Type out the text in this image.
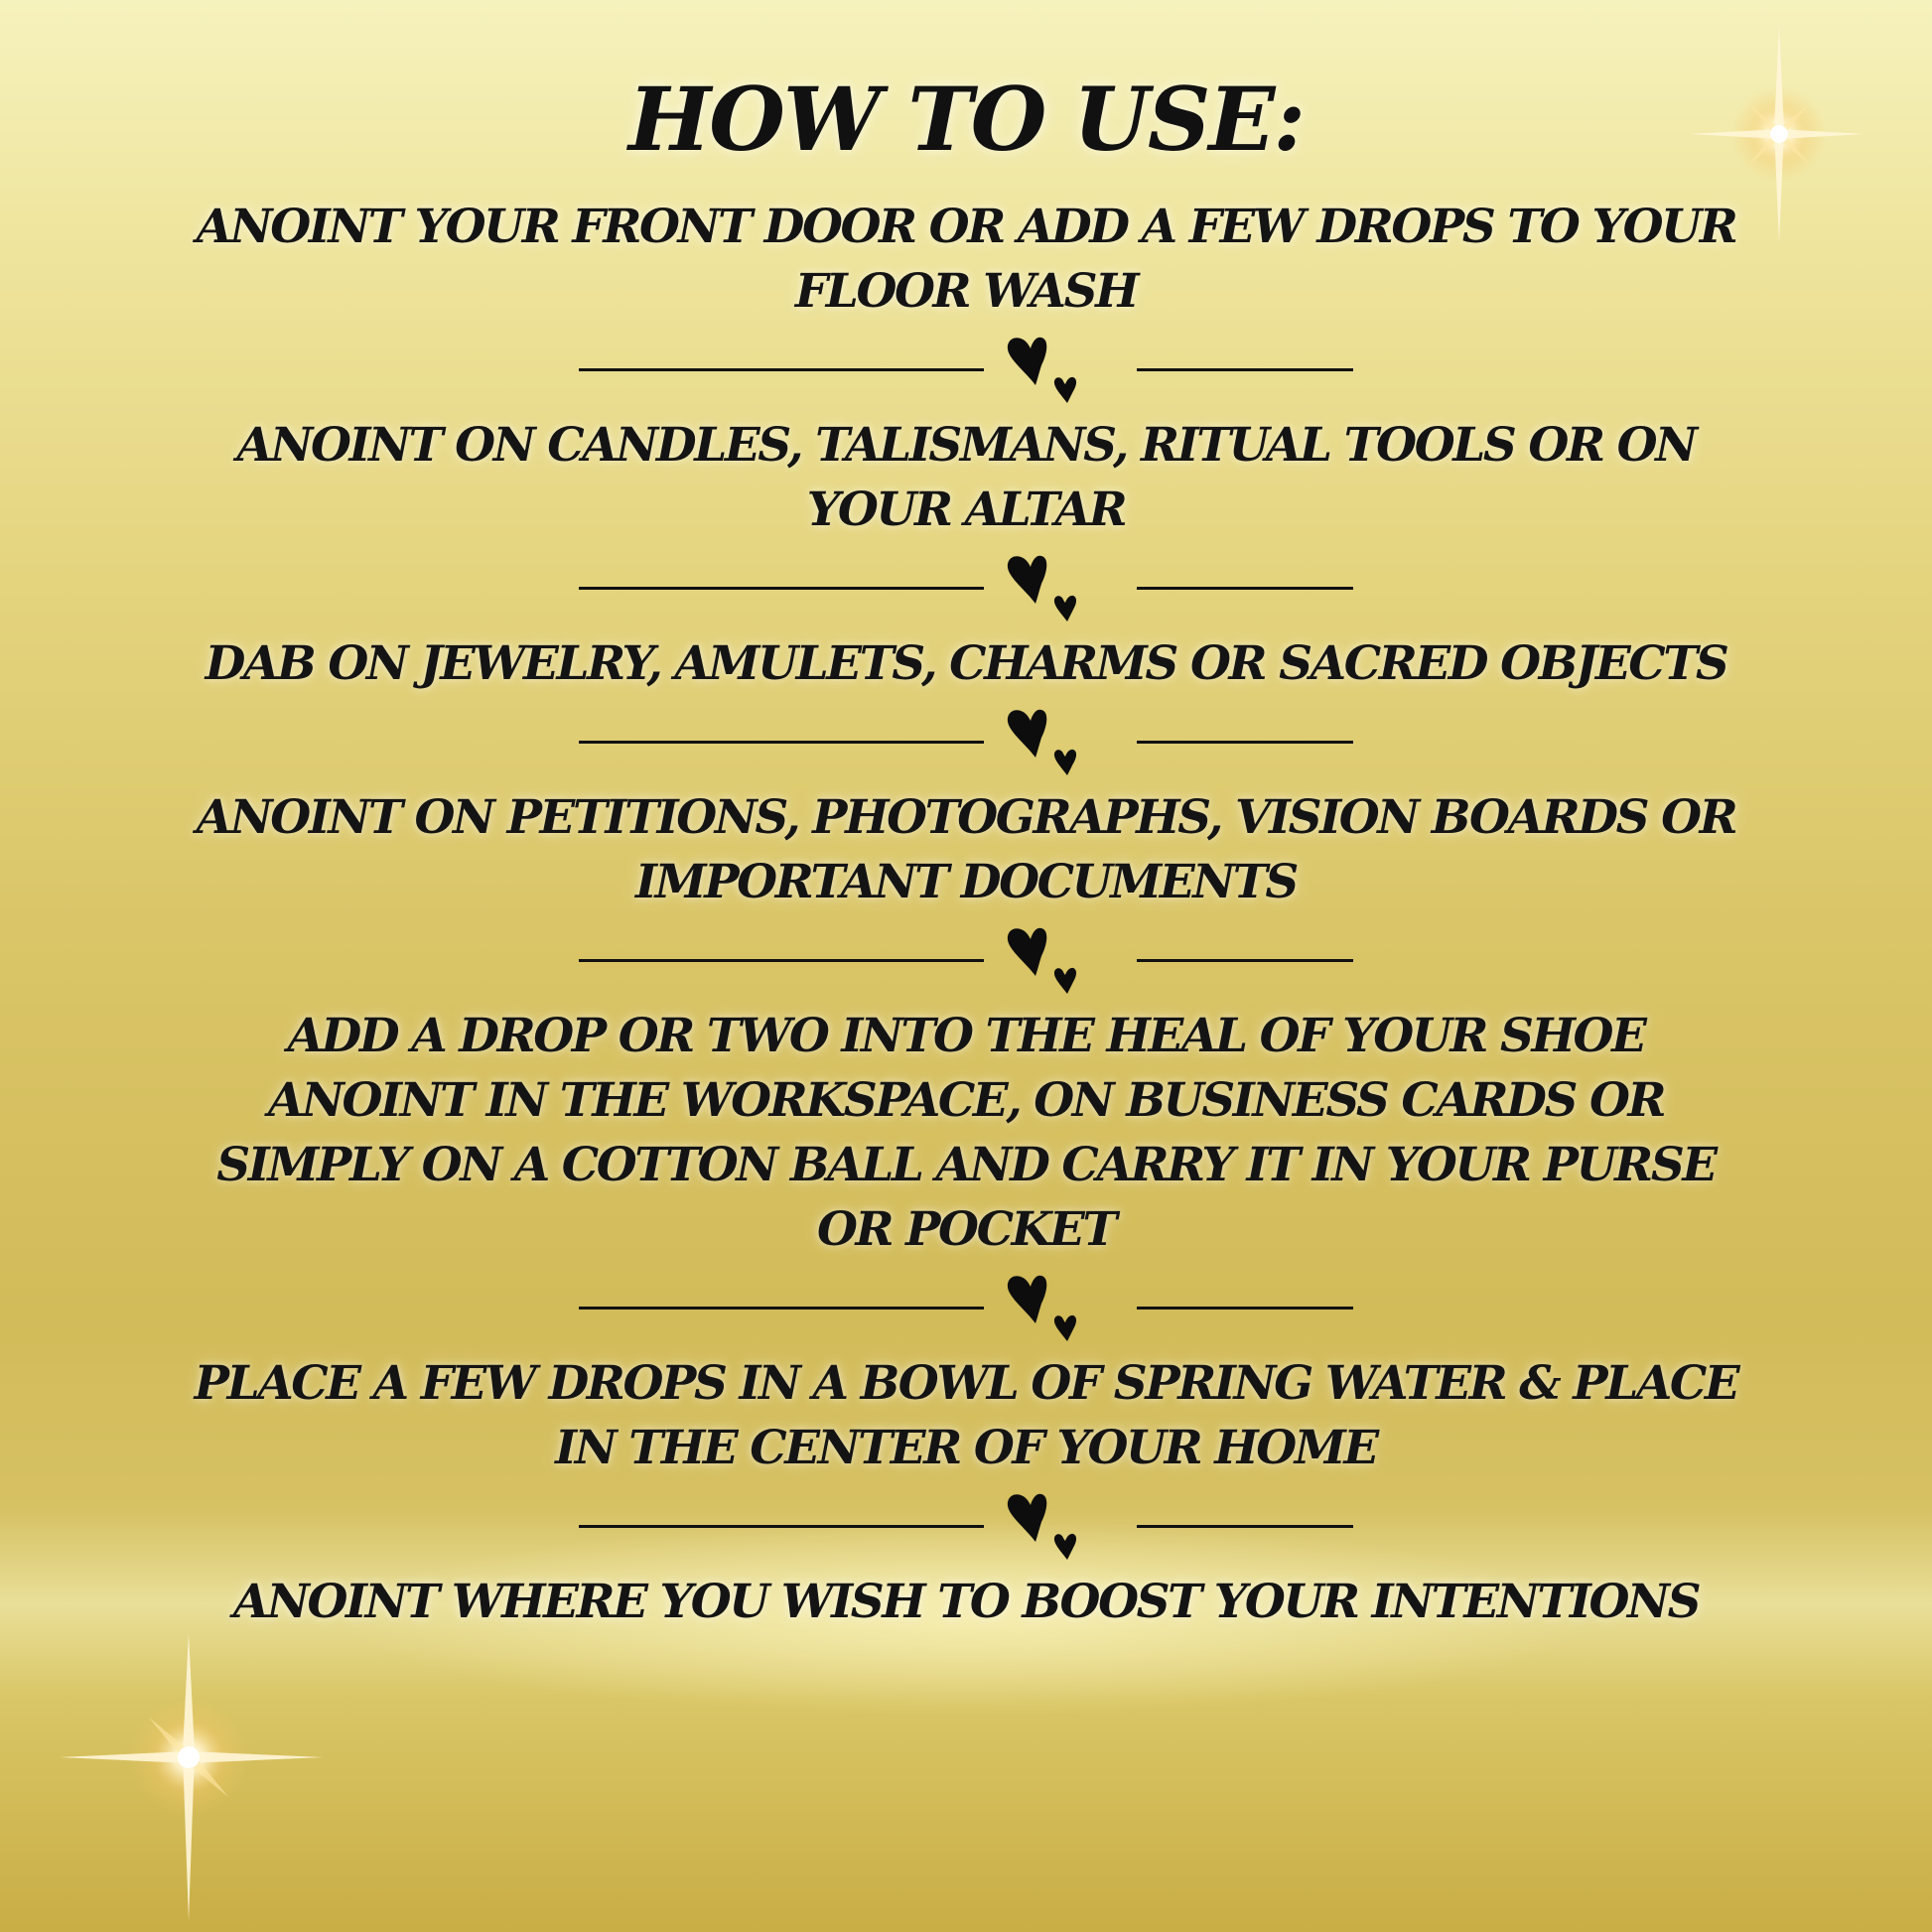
HOW TO USE:

ANOINT YOUR FRONT DOOR OR ADD A FEW DROPS TO YOUR
FLOOR WASH

ANOINT ON CANDLES, TALISMANS, RITUAL TOOLS OR ON
YOUR ALTAR

DAB ON JEWELRY, AMULETS, CHARMS OR SACRED OBJECTS

ANOINT ON PETITIONS, PHOTOGRAPHS, VISION BOARDS OR
IMPORTANT DOCUMENTS

ADD A DROP OR TWO INTO THE HEAL OF YOUR SHOE
ANOINT IN THE WORKSPACE, ON BUSINESS CARDS OR
SIMPLY ON A COTTON BALL AND CARRY IT IN YOUR PURSE
OR POCKET

PLACE A FEW DROPS IN A BOWL OF SPRING WATER & PLACE
IN THE CENTER OF YOUR HOME

ANOINT WHERE YOU WISH TO BOOST YOUR INTENTIONS
